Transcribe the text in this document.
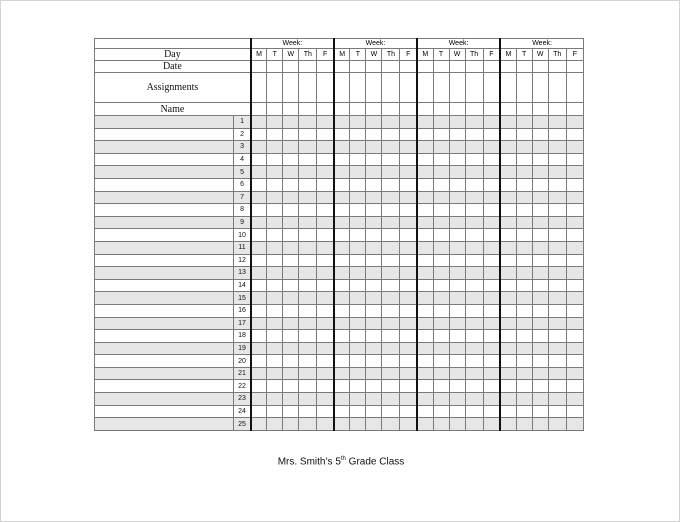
		Week:					Week:					Week:					Week:				
Day		M	T	W	Th	F	M	T	W	Th	F	M	T	W	Th	F	M	T	W	Th	F
Date																					
Assignments																					
Name																					
	1																				
	2																				
	3																				
	4																				
	5																				
	6																				
	7																				
	8																				
	9																				
	10																				
	11																				
	12																				
	13																				
	14																				
	15																				
	16																				
	17																				
	18																				
	19																				
	20																				
	21																				
	22																				
	23																				
	24																				
	25																				
Mrs. Smith’s 5th Grade Class
